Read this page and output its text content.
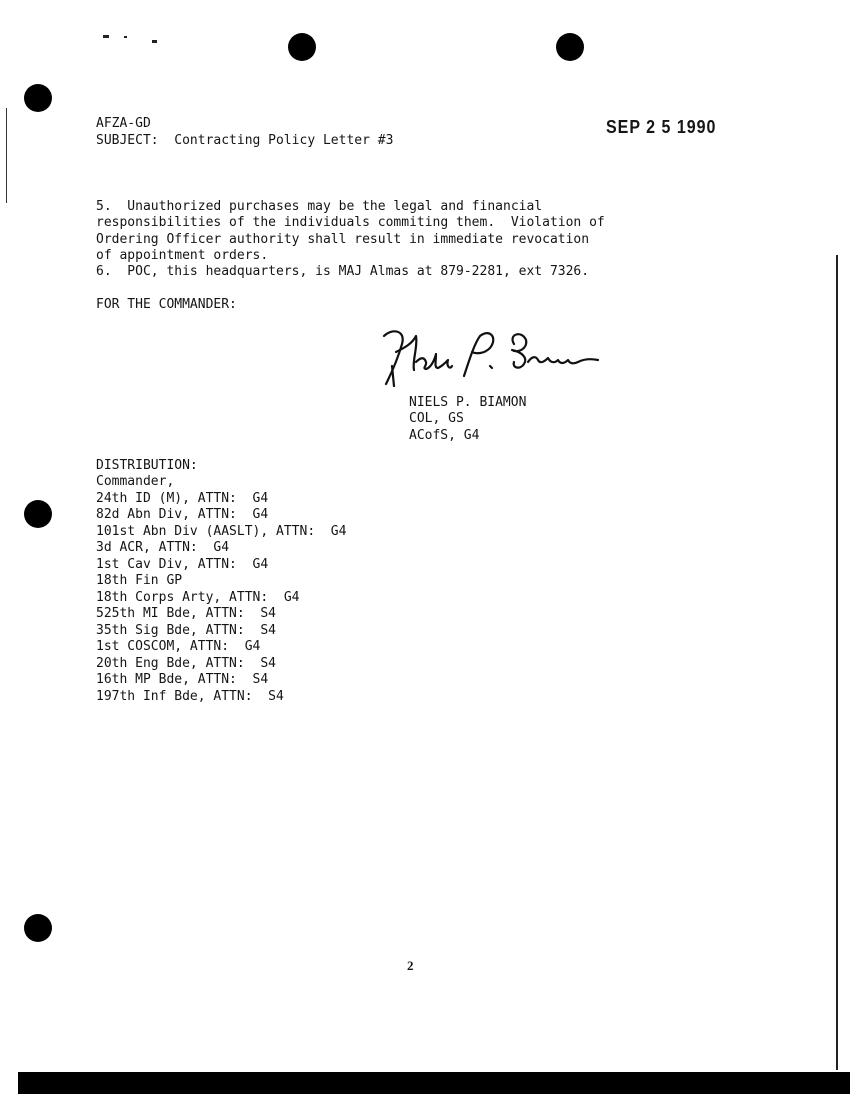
AFZA-GD
SUBJECT:  Contracting Policy Letter #3
SEP 2 5 1990

5.  Unauthorized purchases may be the legal and financial
responsibilities of the individuals commiting them.  Violation of
Ordering Officer authority shall result in immediate revocation
of appointment orders.
6.  POC, this headquarters, is MAJ Almas at 879-2281, ext 7326.
FOR THE COMMANDER:

NIELS P. BIAMON
COL, GS
ACofS, G4

DISTRIBUTION:
Commander,
24th ID (M), ATTN:  G4
82d Abn Div, ATTN:  G4
101st Abn Div (AASLT), ATTN:  G4
3d ACR, ATTN:  G4
1st Cav Div, ATTN:  G4
18th Fin GP
18th Corps Arty, ATTN:  G4
525th MI Bde, ATTN:  S4
35th Sig Bde, ATTN:  S4
1st COSCOM, ATTN:  G4
20th Eng Bde, ATTN:  S4
16th MP Bde, ATTN:  S4
197th Inf Bde, ATTN:  S4
2
